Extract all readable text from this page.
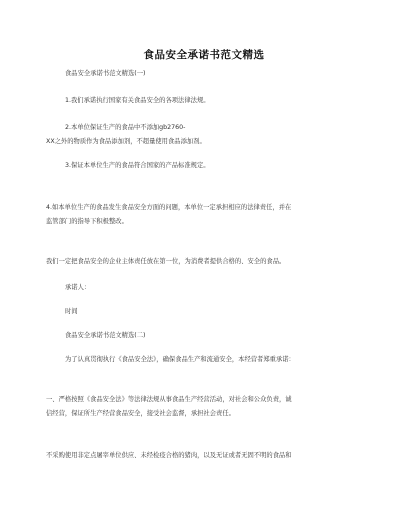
食品安全承诺书范文精选
食品安全承诺书范文精选(一)
1.我们承诺执行国家有关食品安全的各项法律法规。
2.本单位保证生产的食品中不添加gb2760-
XX之外的物质作为食品添加剂，不超量使用食品添加剂。
3.保证本单位生产的食品符合国家的产品标准规定。
4.如本单位生产的食品发生食品安全方面的问题，本单位一定承担相应的法律责任，并在
监管部门的指导下积极整改。
我们一定把食品安全的企业主体责任放在第一位，为消费者提供合格的、安全的食品。
承诺人：
时间
食品安全承诺书范文精选(二)
为了认真贯彻执行《食品安全法》，确保食品生产和流通安全，本经营者郑重承诺：
一、严格按照《食品安全法》等法律法规从事食品生产经营活动，对社会和公众负责，诚
信经营，保证所生产经营食品安全，接受社会监督，承担社会责任。
不采购使用非定点屠宰单位供应、未经检疫合格的猪肉，以及无证或者无固不明的食品和
